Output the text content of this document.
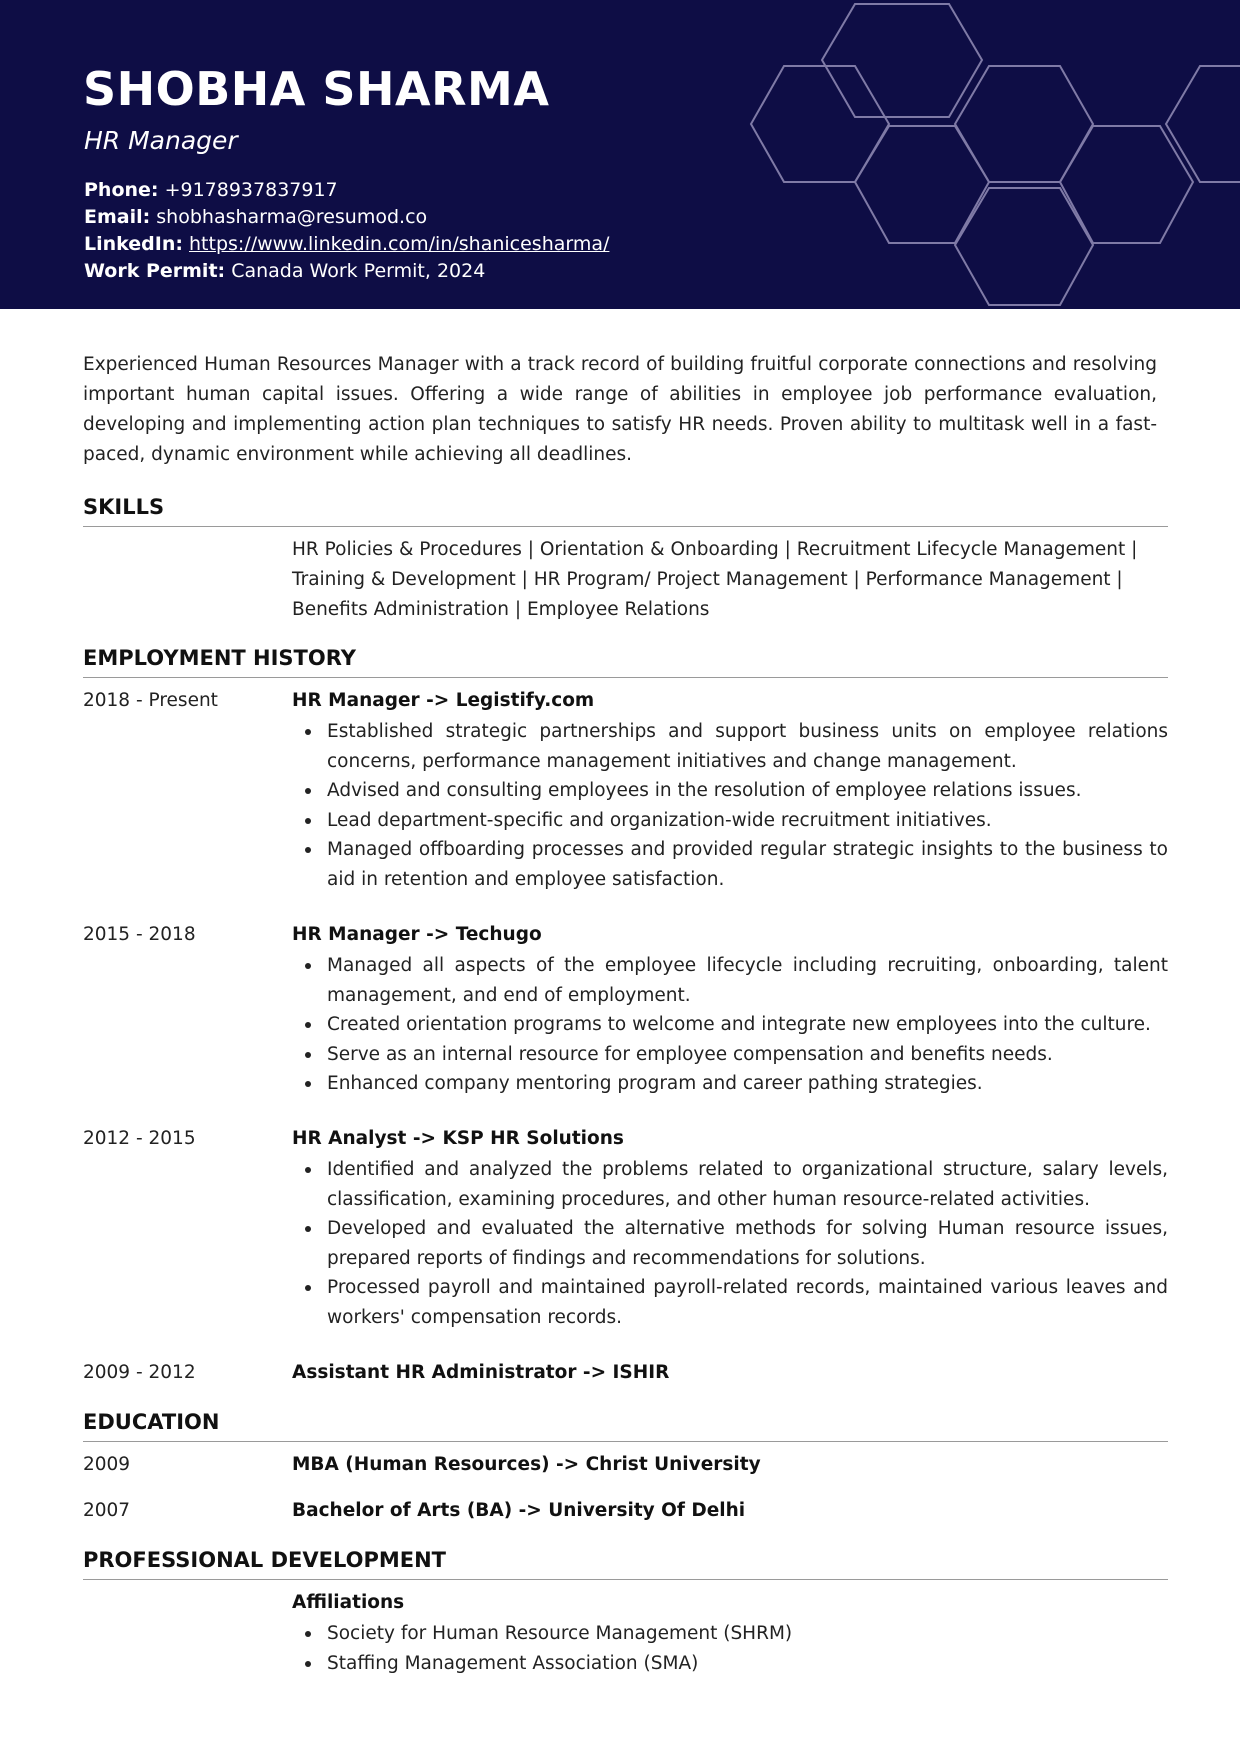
SHOBHA SHARMA
HR Manager
Phone: +9178937837917
Email: shobhasharma@resumod.co
LinkedIn: https://www.linkedin.com/in/shanicesharma/
Work Permit: Canada Work Permit, 2024

Experienced Human Resources Manager with a track record of building fruitful corporate connections and resolving important human capital issues. Offering a wide range of abilities in employee job performance evaluation, developing and implementing action plan techniques to satisfy HR needs. Proven ability to multitask well in a fast-paced, dynamic environment while achieving all deadlines.

SKILLS
HR Policies & Procedures | Orientation & Onboarding | Recruitment Lifecycle Management | Training & Development | HR Program/ Project Management | Performance Management | Benefits Administration | Employee Relations
EMPLOYMENT HISTORY
2018 - Present	HR Manager -> Legistify.com
Established strategic partnerships and support business units on employee relations concerns, performance management initiatives and change management.
Advised and consulting employees in the resolution of employee relations issues.
Lead department-specific and organization-wide recruitment initiatives.
Managed offboarding processes and provided regular strategic insights to the business to aid in retention and employee satisfaction.
2015 - 2018	HR Manager -> Techugo
Managed all aspects of the employee lifecycle including recruiting, onboarding, talent management, and end of employment.
Created orientation programs to welcome and integrate new employees into the culture.
Serve as an internal resource for employee compensation and benefits needs.
Enhanced company mentoring program and career pathing strategies.
2012 - 2015	HR Analyst -> KSP HR Solutions
Identified and analyzed the problems related to organizational structure, salary levels, classification, examining procedures, and other human resource-related activities.
Developed and evaluated the alternative methods for solving Human resource issues, prepared reports of findings and recommendations for solutions.
Processed payroll and maintained payroll-related records, maintained various leaves and workers' compensation records.
2009 - 2012	Assistant HR Administrator -> ISHIR
EDUCATION
2009	MBA (Human Resources) -> Christ University
2007	Bachelor of Arts (BA) -> University Of Delhi
PROFESSIONAL DEVELOPMENT
Affiliations
Society for Human Resource Management (SHRM)
Staffing Management Association (SMA)
